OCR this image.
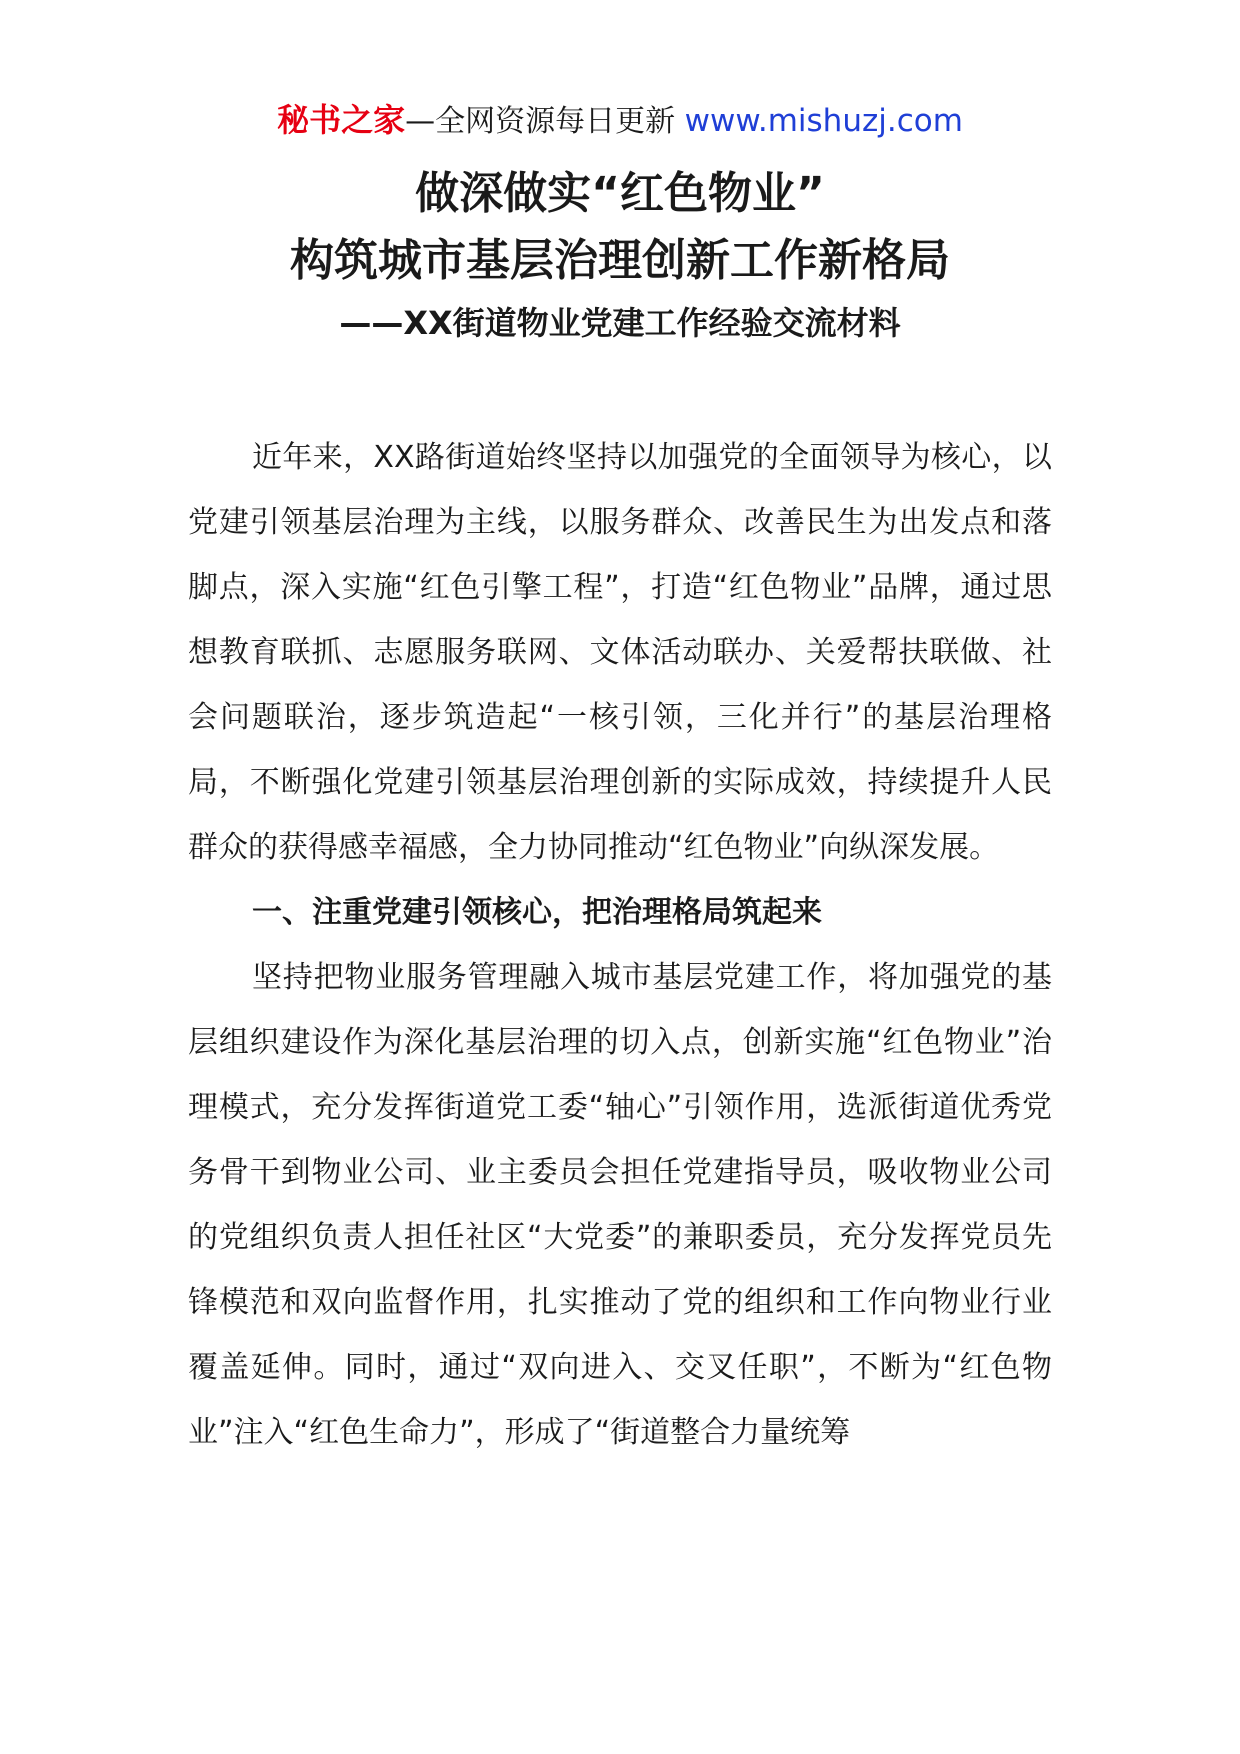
秘书之家—全网资源每日更新 www.mishuzj.com
做深做实“红色物业”
构筑城市基层治理创新工作新格局
——XX街道物业党建工作经验交流材料

近年来，XX路街道始终坚持以加强党的全面领导为核心，以党建引领基层治理为主线，以服务群众、改善民生为出发点和落脚点，深入实施“红色引擎工程”，打造“红色物业”品牌，通过思想教育联抓、志愿服务联网、文体活动联办、关爱帮扶联做、社会问题联治，逐步筑造起“一核引领，三化并行”的基层治理格局，不断强化党建引领基层治理创新的实际成效，持续提升人民群众的获得感幸福感，全力协同推动“红色物业”向纵深发展。

一、注重党建引领核心，把治理格局筑起来

坚持把物业服务管理融入城市基层党建工作，将加强党的基层组织建设作为深化基层治理的切入点，创新实施“红色物业”治理模式，充分发挥街道党工委“轴心”引领作用，选派街道优秀党务骨干到物业公司、业主委员会担任党建指导员，吸收物业公司的党组织负责人担任社区“大党委”的兼职委员，充分发挥党员先锋模范和双向监督作用，扎实推动了党的组织和工作向物业行业覆盖延伸。同时，通过“双向进入、交叉任职”，不断为“红色物业”注入“红色生命力”，形成了“街道整合力量统筹
